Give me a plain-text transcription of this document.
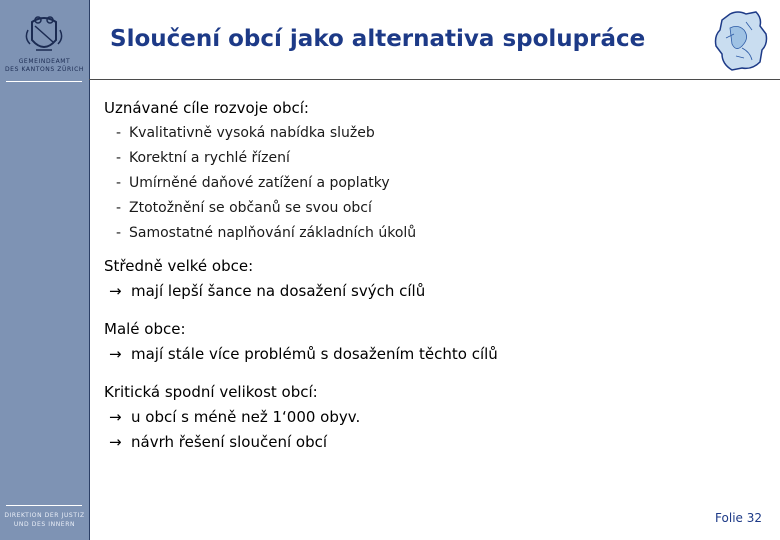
GEMEINDEAMT
DES KANTONS ZÜRICH
DIREKTION DER JUSTIZ
UND DES INNERN
Sloučení obcí jako alternativa spolupráce
Uznávané cíle rozvoje obcí:
- Kvalitativně vysoká nabídka služeb
- Korektní a rychlé řízení
- Umírněné daňové zatížení a poplatky
- Ztotožnění se občanů se svou obcí
- Samostatné naplňování základních úkolů
Středně velké obce:
→ mají lepší šance na dosažení svých cílů
Malé obce:
→ mají stále více problémů s dosažením těchto cílů
Kritická spodní velikost obcí:
→ u obcí s méně než 1‘000 obyv.
→ návrh řešení sloučení obcí
Folie 32
